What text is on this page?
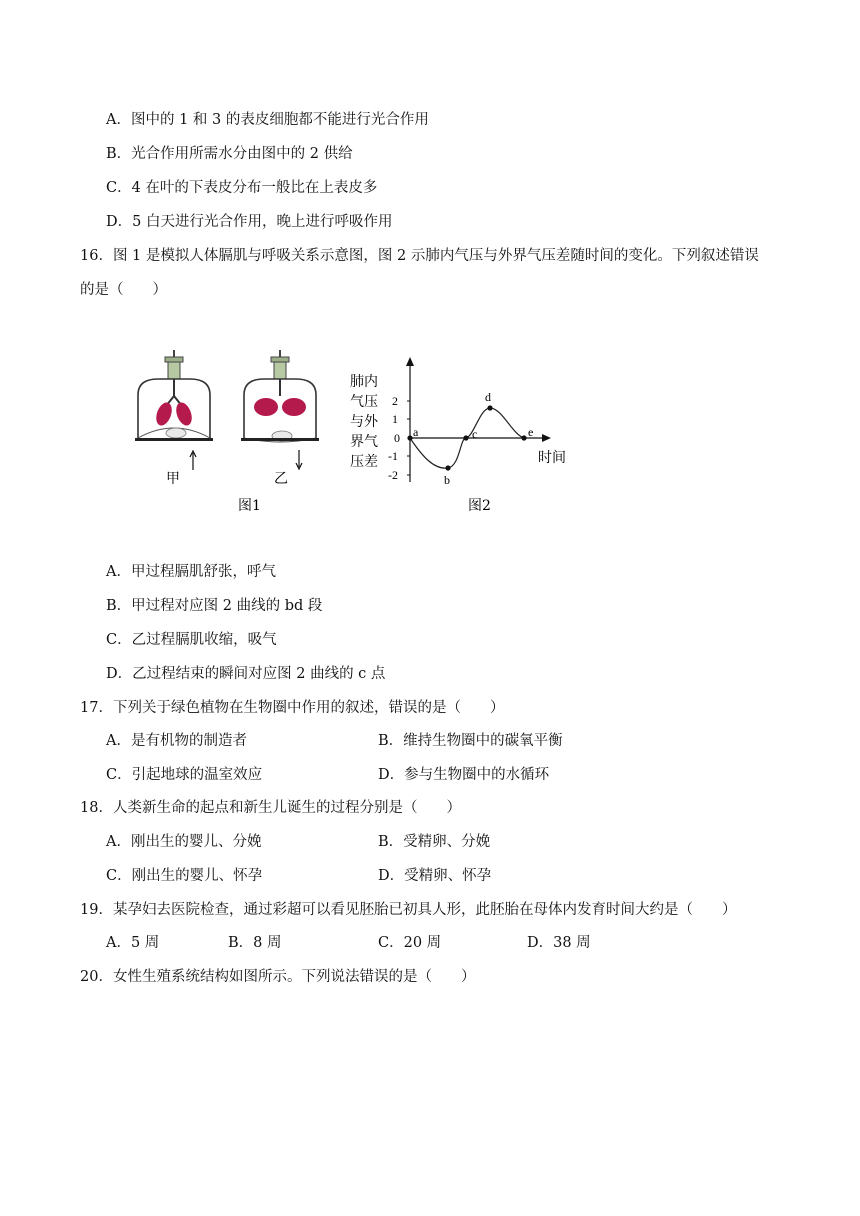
A．图中的 1 和 3 的表皮细胞都不能进行光合作用
B．光合作用所需水分由图中的 2 供给
C．4 在叶的下表皮分布一般比在上表皮多
D．5 白天进行光合作用，晚上进行呼吸作用
16．图 1 是模拟人体膈肌与呼吸关系示意图，图 2 示肺内气压与外界气压差随时间的变化。下列叙述错误
的是（　　）
甲	乙
图1
肺内
气压
与外
界气
压差
2
1
0
-1
-2
a
b
c
d
e
时间
图2
A．甲过程膈肌舒张，呼气
B．甲过程对应图 2 曲线的 bd 段
C．乙过程膈肌收缩，吸气
D．乙过程结束的瞬间对应图 2 曲线的 c 点
17．下列关于绿色植物在生物圈中作用的叙述，错误的是（　　）
A．是有机物的制造者	B．维持生物圈中的碳氧平衡
C．引起地球的温室效应	D．参与生物圈中的水循环
18．人类新生命的起点和新生儿诞生的过程分别是（　　）
A．刚出生的婴儿、分娩	B．受精卵、分娩
C．刚出生的婴儿、怀孕	D．受精卵、怀孕
19．某孕妇去医院检查，通过彩超可以看见胚胎已初具人形，此胚胎在母体内发育时间大约是（　　）
A．5 周	B．8 周	C．20 周	D．38 周
20．女性生殖系统结构如图所示。下列说法错误的是（　　）
